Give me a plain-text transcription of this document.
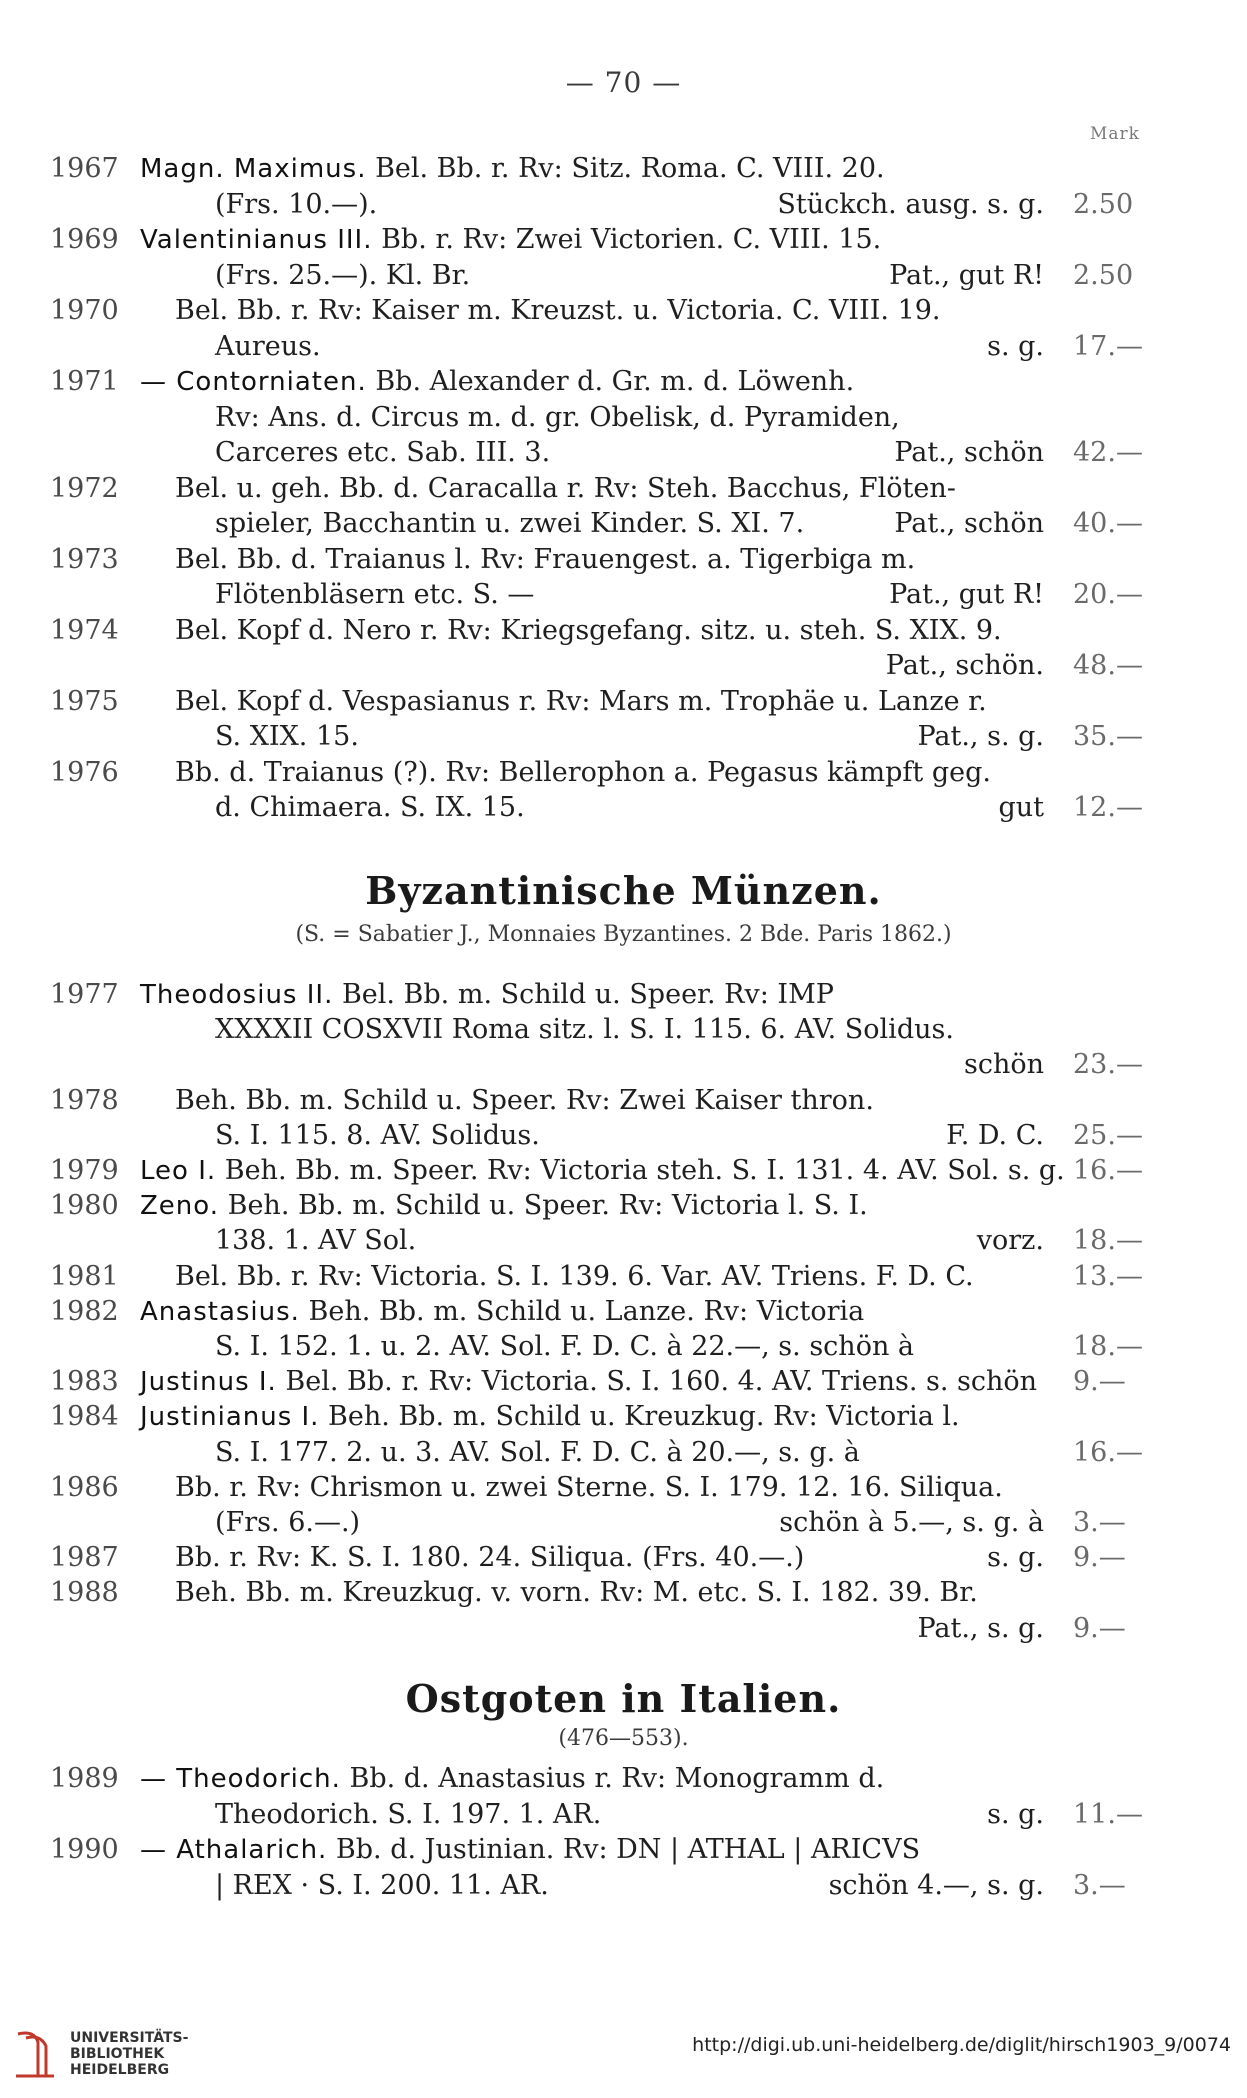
— 70 —
Mark
1967 Magn. Maximus. Bel. Bb. r. Rv: Sitz. Roma. C. VIII. 20.
(Frs. 10.—).	Stückch. ausg. s. g. 2.50
1969 Valentinianus III. Bb. r. Rv: Zwei Victorien. C. VIII. 15.
(Frs. 25.—). Kl. Br.	Pat., gut R! 2.50
1970 Bel. Bb. r. Rv: Kaiser m. Kreuzst. u. Victoria. C. VIII. 19.
Aureus.	s. g. 17.—
1971 — Contorniaten. Bb. Alexander d. Gr. m. d. Löwenh.
Rv: Ans. d. Circus m. d. gr. Obelisk, d. Pyramiden,
Carceres etc. Sab. III. 3.	Pat., schön 42.—
1972 Bel. u. geh. Bb. d. Caracalla r. Rv: Steh. Bacchus, Flöten-
spieler, Bacchantin u. zwei Kinder. S. XI. 7.	Pat., schön 40.—
1973 Bel. Bb. d. Traianus l. Rv: Frauengest. a. Tigerbiga m.
Flötenbläsern etc. S. —	Pat., gut R! 20.—
1974 Bel. Kopf d. Nero r. Rv: Kriegsgefang. sitz. u. steh. S. XIX. 9.
Pat., schön. 48.—
1975 Bel. Kopf d. Vespasianus r. Rv: Mars m. Trophäe u. Lanze r.
S. XIX. 15.	Pat., s. g. 35.—
1976 Bb. d. Traianus (?). Rv: Bellerophon a. Pegasus kämpft geg.
d. Chimaera. S. IX. 15.	gut 12.—
Byzantinische Münzen.
(S. = Sabatier J., Monnaies Byzantines. 2 Bde. Paris 1862.)
1977 Theodosius II. Bel. Bb. m. Schild u. Speer. Rv: IMP
XXXXII COSXVII Roma sitz. l. S. I. 115. 6. AV. Solidus.
schön 23.—
1978 Beh. Bb. m. Schild u. Speer. Rv: Zwei Kaiser thron.
S. I. 115. 8. AV. Solidus.	F. D. C. 25.—
1979 Leo I. Beh. Bb. m. Speer. Rv: Victoria steh. S. I. 131. 4. AV. Sol. s. g. 16.—
1980 Zeno. Beh. Bb. m. Schild u. Speer. Rv: Victoria l. S. I.
138. 1. AV Sol.	vorz. 18.—
1981 Bel. Bb. r. Rv: Victoria. S. I. 139. 6. Var. AV. Triens. F. D. C.	13.—
1982 Anastasius. Beh. Bb. m. Schild u. Lanze. Rv: Victoria
S. I. 152. 1. u. 2. AV. Sol. F. D. C. à 22.—, s. schön à	18.—
1983 Justinus I. Bel. Bb. r. Rv: Victoria. S. I. 160. 4. AV. Triens. s. schön 9.—
1984 Justinianus I. Beh. Bb. m. Schild u. Kreuzkug. Rv: Victoria l.
S. I. 177. 2. u. 3. AV. Sol. F. D. C. à 20.—, s. g. à	16.—
1986 Bb. r. Rv: Chrismon u. zwei Sterne. S. I. 179. 12. 16. Siliqua.
(Frs. 6.—.)	schön à 5.—, s. g. à 3.—
1987 Bb. r. Rv: K. S. I. 180. 24. Siliqua. (Frs. 40.—.)	s. g. 9.—
1988 Beh. Bb. m. Kreuzkug. v. vorn. Rv: M. etc. S. I. 182. 39. Br.
Pat., s. g. 9.—
Ostgoten in Italien.
(476—553).
1989 — Theodorich. Bb. d. Anastasius r. Rv: Monogramm d.
Theodorich. S. I. 197. 1. AR.	s. g. 11.—
1990 — Athalarich. Bb. d. Justinian. Rv: DN | ATHAL | ARICVS
| REX · S. I. 200. 11. AR.	schön 4.—, s. g. 3.—
UNIVERSITÄTS-
BIBLIOTHEK
HEIDELBERG
http://digi.ub.uni-heidelberg.de/diglit/hirsch1903_9/0074
